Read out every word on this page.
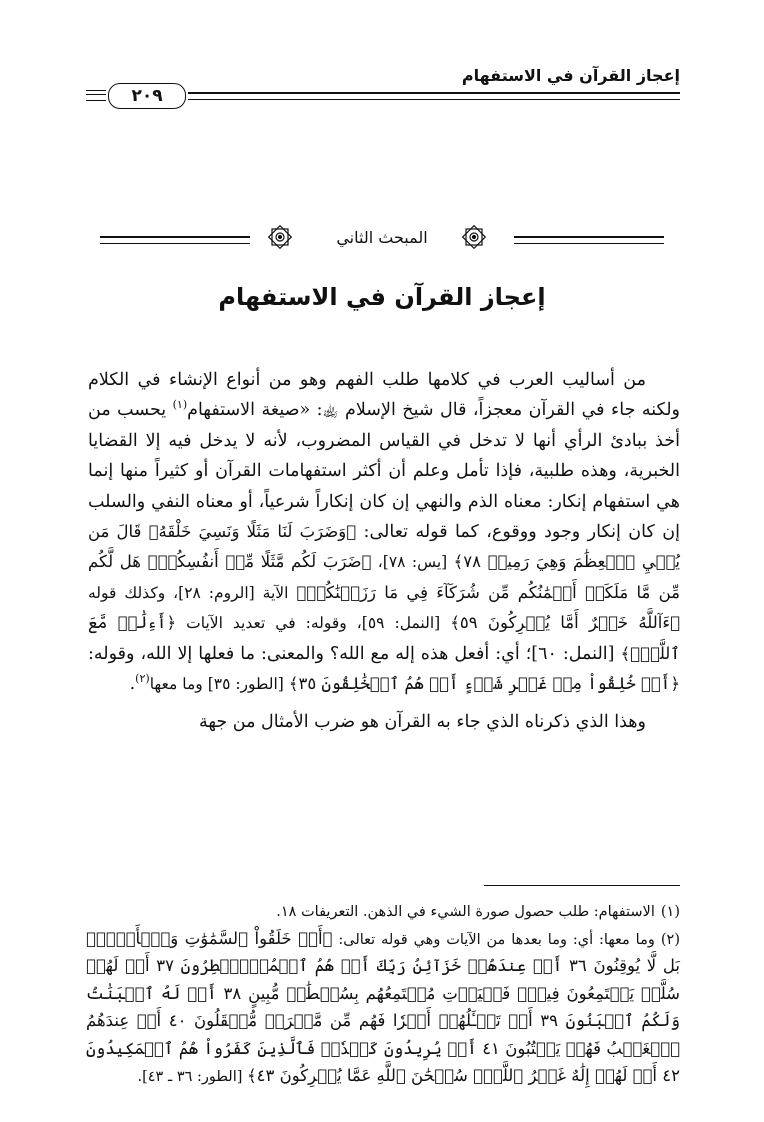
إعجاز القرآن في الاستفهام
٢٠٩
المبحث الثاني
إعجاز القرآن في الاستفهام

من أساليب العرب في كلامها طلب الفهم وهو من أنواع الإنشاء في الكلام ولكنه جاء في القرآن معجزاً، قال شيخ الإسلام ﵀: «صيغة الاستفهام$^{(١)}$ يحسب من أخذ ببادئ الرأي أنها لا تدخل في القياس المضروب، لأنه لا يدخل فيه إلا القضايا الخبرية، وهذه طلبية، فإذا تأمل وعلم أن أكثر استفهامات القرآن أو كثيراً منها إنما هي استفهام إنكار: معناه الذم والنهي إن كان إنكاراً شرعياً، أو معناه النفي والسلب إن كان إنكار وجود ووقوع، كما قوله تعالى: ﴿وَضَرَبَ لَنَا مَثَلًا وَنَسِيَ خَلْقَهُۥ قَالَ مَن يُحۡيِ ٱلۡعِظَٰمَ وَهِيَ رَمِيمٞ ٧٨﴾ [يس: ٧٨]، ﴿ضَرَبَ لَكُم مَّثَلًا مِّنۡ أَنفُسِكُمۡۖ هَل لَّكُم مِّن مَّا مَلَكَتۡ أَيۡمَٰنُكُم مِّن شُرَكَآءَ فِي مَا رَزَقۡنَٰكُمۡ﴾ الآية [الروم: ٢٨]، وكذلك قوله ﴿ءَآللَّهُ خَيۡرٌ أَمَّا يُشۡرِكُونَ ٥٩﴾ [النمل: ٥٩]، وقوله: في تعديد الآيات ﴿أَءِلَٰهٞ مَّعَ ٱللَّهِۚ﴾ [النمل: ٦٠]؛ أي: أفعل هذه إله مع الله؟ والمعنى: ما فعلها إلا الله، وقوله: ﴿أَمۡ خُلِقُواْ مِنۡ غَيۡرِ شَيۡءٍ أَمۡ هُمُ ٱلۡخَٰلِقُونَ ٣٥﴾ [الطور: ٣٥] وما معها$^{(٢)}$.

وهذا الذي ذكرناه الذي جاء به القرآن هو ضرب الأمثال من جهة

(١)الاستفهام: طلب حصول صورة الشيء في الذهن. التعريفات ١٨.

(٢)وما معها: أي: وما بعدها من الآيات وهي قوله تعالى: ﴿أَمۡ خَلَقُواْ ٱلسَّمَٰوَٰتِ وَٱلۡأَرۡضَۚ بَل لَّا يُوقِنُونَ ٣٦ أَمۡ عِندَهُمۡ خَزَآئِنُ رَبِّكَ أَمۡ هُمُ ٱلۡمُصَۣيۡطِرُونَ ٣٧ أَمۡ لَهُمۡ سُلَّمٞ يَسۡتَمِعُونَ فِيهِۖ فَلۡيَأۡتِ مُسۡتَمِعُهُم بِسُلۡطَٰنٖ مُّبِينٍ ٣٨ أَمۡ لَهُ ٱلۡبَنَٰتُ وَلَكُمُ ٱلۡبَنُونَ ٣٩ أَمۡ تَسۡـَٔلُهُمۡ أَجۡرٗا فَهُم مِّن مَّغۡرَمٖ مُّثۡقَلُونَ ٤٠ أَمۡ عِندَهُمُ ٱلۡغَيۡبُ فَهُمۡ يَكۡتُبُونَ ٤١ أَمۡ يُرِيدُونَ كَيۡدٗاۖ فَٱلَّذِينَ كَفَرُواْ هُمُ ٱلۡمَكِيدُونَ ٤٢ أَمۡ لَهُمۡ إِلَٰهٌ غَيۡرُ ٱللَّهِۚ سُبۡحَٰنَ ٱللَّهِ عَمَّا يُشۡرِكُونَ ٤٣﴾ [الطور: ٣٦ ـ ٤٣].
